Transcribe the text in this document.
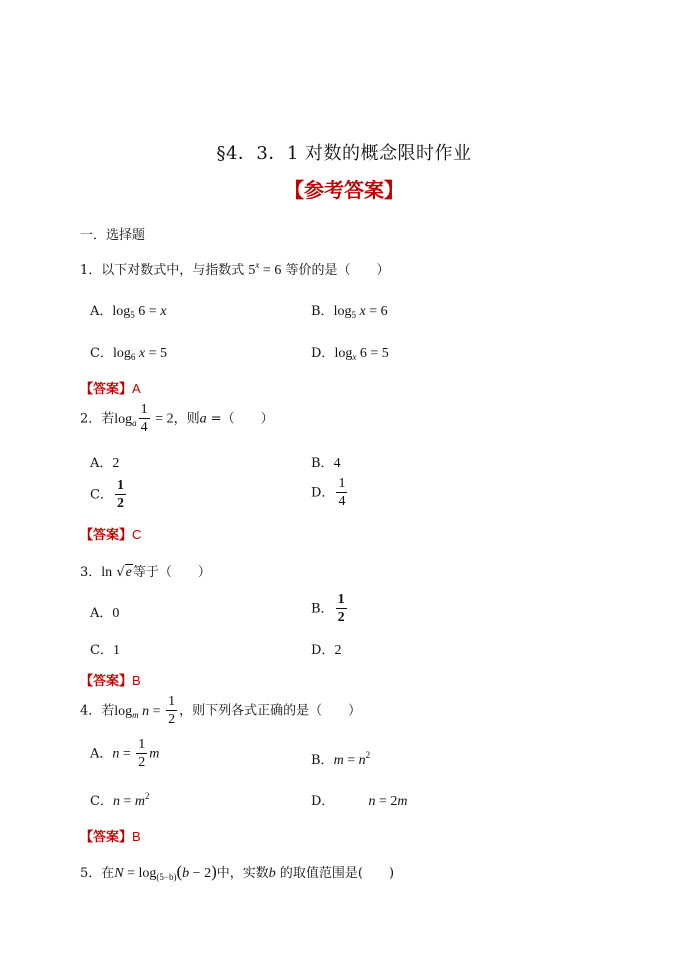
§4．3．1 对数的概念限时作业
【参考答案】
一．选择题
1．以下对数式中，与指数式 $5^x = 6$ 等价的是（　　）
A．$\log_5 6 = x$	B．$\log_5 x = 6$
C．$\log_6 x = 5$	D．$\log_x 6 = 5$
【答案】A
2．若$\log_a \frac{1}{4} = 2$，则a =（　　）
A．2	B．4
C． $\frac{1}{2}$	D． $\frac{1}{4}$
【答案】C
3．ln √e等于（　　）
A．0	B． $\frac{1}{2}$
C．1	D．2
【答案】B
4．若$\log_m n = \frac{1}{2}$ ，则下列各式正确的是（　　）
A．$n = \frac{1}{2}$ m	B．$m = n^2$
C．$n = m^2$	D． n = 2m
【答案】B
5．在$N = \log_{(5-b)}(b - 2)$中，实数b 的取值范围是(　　)
